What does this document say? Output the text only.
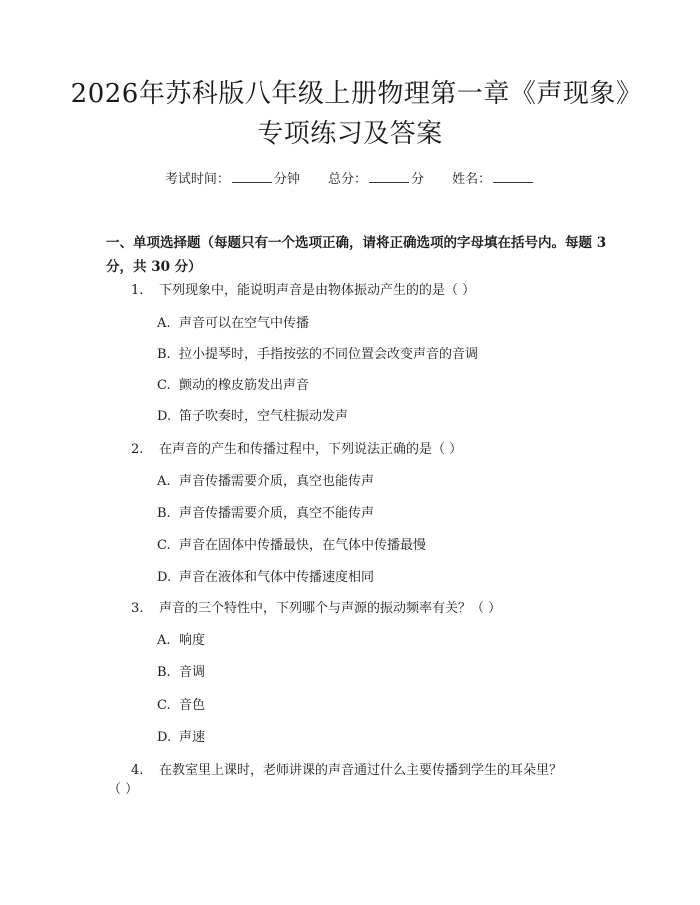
2026年苏科版八年级上册物理第一章《声现象》专项练习及答案
考试时间：	分钟 总分：	分 姓名：

一、单项选择题（每题只有一个选项正确，请将正确选项的字母填在括号内。每题 3 分，共 30 分）

1. 下列现象中，能说明声音是由物体振动产生的的是（ ）
A. 声音可以在空气中传播
B. 拉小提琴时，手指按弦的不同位置会改变声音的音调
C. 颤动的橡皮筋发出声音
D. 笛子吹奏时，空气柱振动发声
2. 在声音的产生和传播过程中，下列说法正确的是（ ）
A. 声音传播需要介质，真空也能传声
B. 声音传播需要介质，真空不能传声
C. 声音在固体中传播最快，在气体中传播最慢
D. 声音在液体和气体中传播速度相同
3. 声音的三个特性中，下列哪个与声源的振动频率有关？（ ）
A. 响度
B. 音调
C. 音色
D. 声速
4. 在教室里上课时，老师讲课的声音通过什么主要传播到学生的耳朵里？
（ ）
